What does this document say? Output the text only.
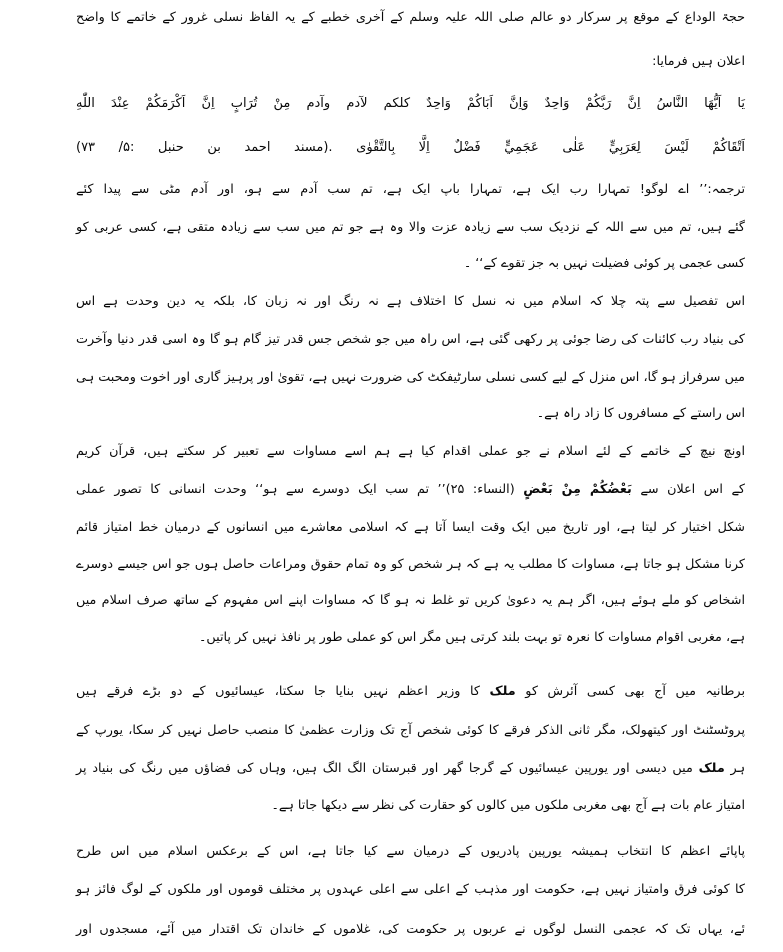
حجۃ الوداع کے موقع پر سرکار دو عالم صلی اللہ علیہ وسلم کے آخری خطبے کے یہ الفاظ نسلی غرور کے خاتمے کا واضح
اعلان ہیں فرمایا:
يَا اَيُّهَا النَّاسُ اِنَّ رَبَّكُمْ وَاحِدٌ وَاِنَّ اَبَاكُمْ وَاحِدٌ كلكم لآدم وآدم مِنْ تُرَابٍ اِنَّ اَكْرَمَكُمْ عِنْدَ اللّٰهِ
اَتْقَاكُمْ لَيْسَ لِعَرَبِيٍّ عَلٰى عَجَمِيٍّ فَضْلٌ اِلَّا بِالتَّقْوٰى .(مسند احمد بن حنبل :۵/ ۷۳)
ترجمہ:’’ اے لوگو! تمہارا رب ایک ہے، تمہارا باپ ایک ہے، تم سب آدم سے ہو، اور آدم مٹی سے پیدا کئے
گئے ہیں، تم میں سے اللہ کے نزدیک سب سے زیادہ عزت والا وہ ہے جو تم میں سب سے زیادہ متقی ہے، کسی عربی کو
کسی عجمی پر کوئی فضیلت نہیں بہ جز تقوے کے‘‘ ۔
اس تفصیل سے پتہ چلا کہ اسلام میں نہ نسل کا اختلاف ہے نہ رنگ اور نہ زبان کا، بلکہ یہ دین وحدت ہے اس
کی بنیاد رب کائنات کی رضا جوئی پر رکھی گئی ہے، اس راہ میں جو شخص جس قدر تیز گام ہو گا وہ اسی قدر دنیا وآخرت
میں سرفراز ہو گا، اس منزل کے لیے کسی نسلی سارٹیفکٹ کی ضرورت نہیں ہے، تقویٰ اور پرہیز گاری اور اخوت ومحبت ہی
اس راستے کے مسافروں کا زاد راہ ہے۔
اونچ نیچ کے خاتمے کے لئے اسلام نے جو عملی اقدام کیا ہے ہم اسے مساوات سے تعبیر کر سکتے ہیں، قرآن کریم
کے اس اعلان سے بَعْضُكُمْ مِنْ بَعْضٍ (النساء: ۲۵)’’ تم سب ایک دوسرے سے ہو‘‘ وحدت انسانی کا تصور عملی
شکل اختیار کر لیتا ہے، اور تاریخ میں ایک وقت ایسا آتا ہے کہ اسلامی معاشرے میں انسانوں کے درمیان خط امتیاز قائم
کرنا مشکل ہو جاتا ہے، مساوات کا مطلب یہ ہے کہ ہر شخص کو وہ تمام حقوق ومراعات حاصل ہوں جو اس جیسے دوسرے
اشخاص کو ملے ہوئے ہیں، اگر ہم یہ دعویٰ کریں تو غلط نہ ہو گا کہ مساوات اپنے اس مفہوم کے ساتھ صرف اسلام میں
ہے، مغربی اقوام مساوات کا نعرہ تو بہت بلند کرتی ہیں مگر اس کو عملی طور پر نافذ نہیں کر پاتیں۔
برطانیہ میں آج بھی کسی آئرش کو ملک کا وزیر اعظم نہیں بنایا جا سکتا، عیسائیوں کے دو بڑے فرقے ہیں
پروٹسٹنٹ اور کیتھولک، مگر ثانی الذکر فرقے کا کوئی شخص آج تک وزارت عظمیٰ کا منصب حاصل نہیں کر سکا، یورپ کے
ہر ملک میں دیسی اور یورپین عیسائیوں کے گرجا گھر اور قبرستان الگ الگ ہیں، وہاں کی فضاؤں میں رنگ کی بنیاد پر
امتیاز عام بات ہے آج بھی مغربی ملکوں میں کالوں کو حقارت کی نظر سے دیکھا جاتا ہے۔
پاپائے اعظم کا انتخاب ہمیشہ یورپین پادریوں کے درمیان سے کیا جاتا ہے، اس کے برعکس اسلام میں اس طرح
کا کوئی فرق وامتیاز نہیں ہے، حکومت اور مذہب کے اعلی سے اعلی عہدوں پر مختلف قوموں اور ملکوں کے لوگ فائز ہو
ئے، یہاں تک کہ عجمی النسل لوگوں نے عربوں پر حکومت کی، غلاموں کے خاندان تک اقتدار میں آئے، مسجدوں اور
